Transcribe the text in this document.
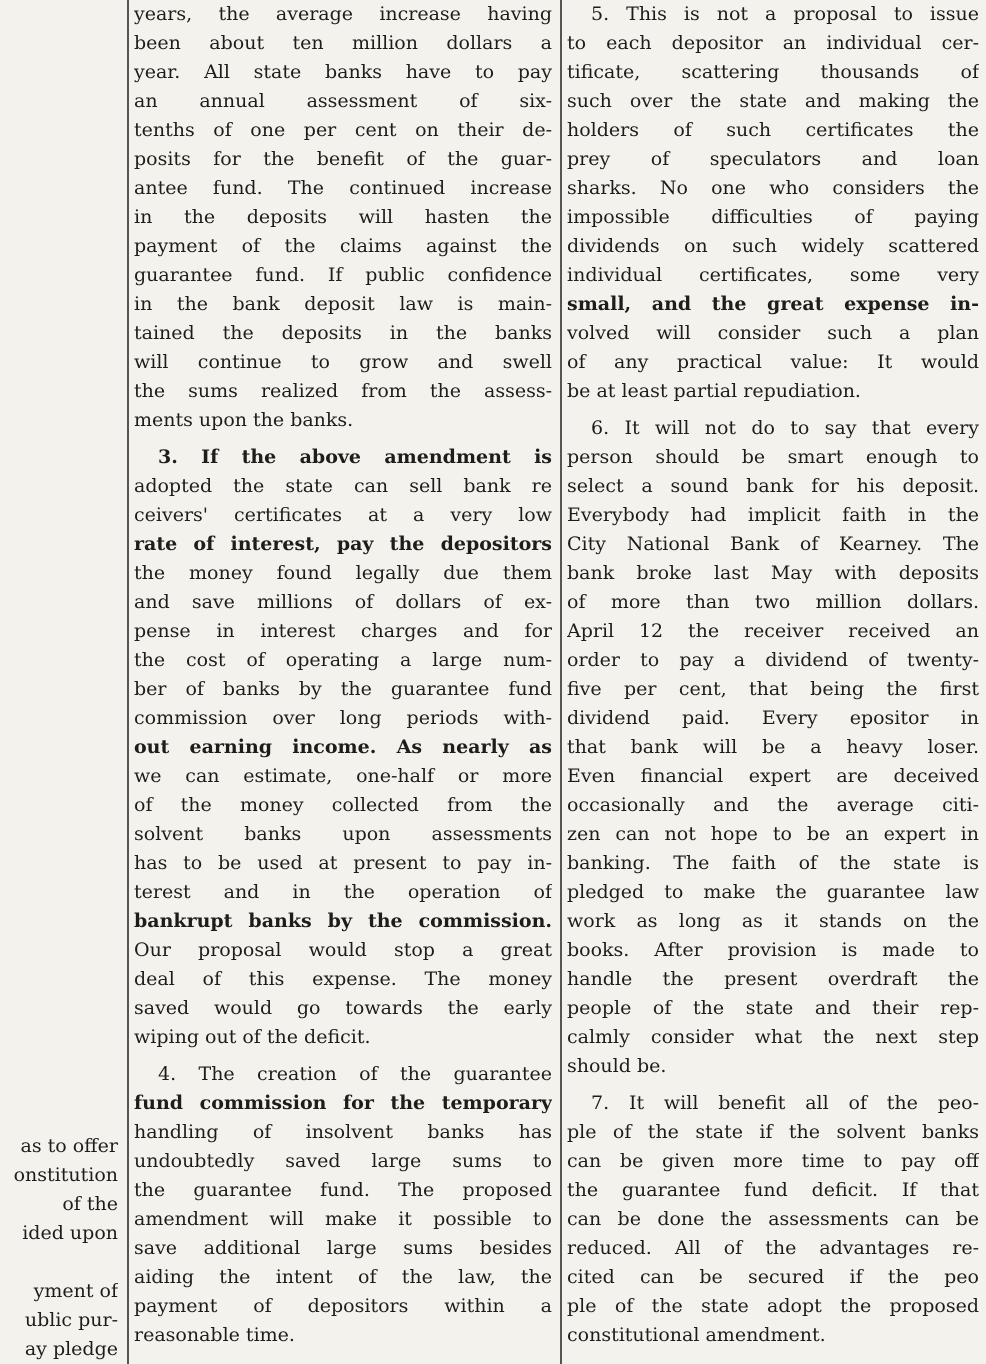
as to offer
onstitution
of the
ided upon
yment of
ublic pur-
ay pledge

years, the average increase having
been about ten million dollars a
year. All state banks have to pay
an annual assessment of six-
tenths of one per cent on their de-
posits for the benefit of the guar-
antee fund. The continued increase
in the deposits will hasten the
payment of the claims against the
guarantee fund. If public confidence
in the bank deposit law is main-
tained the deposits in the banks
will continue to grow and swell
the sums realized from the assess-
ments upon the banks.

3. If the above amendment is
adopted the state can sell bank re
ceivers' certificates at a very low
rate of interest, pay the depositors
the money found legally due them
and save millions of dollars of ex-
pense in interest charges and for
the cost of operating a large num-
ber of banks by the guarantee fund
commission over long periods with-
out earning income. As nearly as
we can estimate, one-half or more
of the money collected from the
solvent banks upon assessments
has to be used at present to pay in-
terest and in the operation of
bankrupt banks by the commission.
Our proposal would stop a great
deal of this expense. The money
saved would go towards the early
wiping out of the deficit.

4. The creation of the guarantee
fund commission for the temporary
handling of insolvent banks has
undoubtedly saved large sums to
the guarantee fund. The proposed
amendment will make it possible to
save additional large sums besides
aiding the intent of the law, the
payment of depositors within a
reasonable time.

5. This is not a proposal to issue
to each depositor an individual cer-
tificate, scattering thousands of
such over the state and making the
holders of such certificates the
prey of speculators and loan
sharks. No one who considers the
impossible difficulties of paying
dividends on such widely scattered
individual certificates, some very
small, and the great expense in-
volved will consider such a plan
of any practical value: It would
be at least partial repudiation.

6. It will not do to say that every
person should be smart enough to
select a sound bank for his deposit.
Everybody had implicit faith in the
City National Bank of Kearney. The
bank broke last May with deposits
of more than two million dollars.
April 12 the receiver received an
order to pay a dividend of twenty-
five per cent, that being the first
dividend paid. Every epositor in
that bank will be a heavy loser.
Even financial expert are deceived
occasionally and the average citi-
zen can not hope to be an expert in
banking. The faith of the state is
pledged to make the guarantee law
work as long as it stands on the
books. After provision is made to
handle the present overdraft the
people of the state and their rep-
calmly consider what the next step
should be.

7. It will benefit all of the peo-
ple of the state if the solvent banks
can be given more time to pay off
the guarantee fund deficit. If that
can be done the assessments can be
reduced. All of the advantages re-
cited can be secured if the peo
ple of the state adopt the proposed
constitutional amendment.
